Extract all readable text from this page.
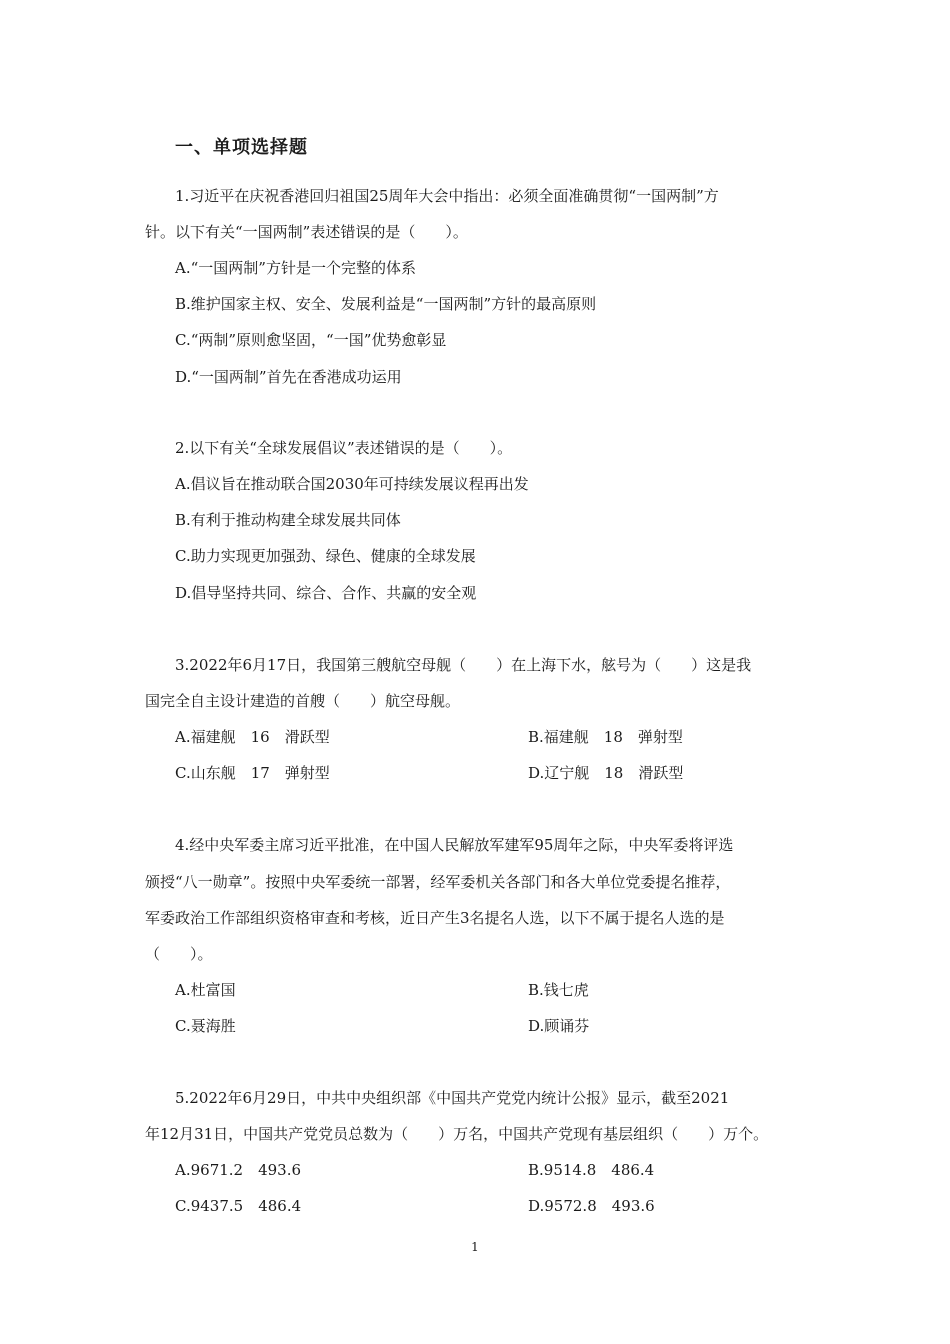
一、单项选择题
1.习近平在庆祝香港回归祖国25周年大会中指出：必须全面准确贯彻“一国两制”方
针。以下有关“一国两制”表述错误的是（　　）。
A.“一国两制”方针是一个完整的体系
B.维护国家主权、安全、发展利益是“一国两制”方针的最高原则
C.“两制”原则愈坚固，“一国”优势愈彰显
D.“一国两制”首先在香港成功运用
2.以下有关“全球发展倡议”表述错误的是（　　）。
A.倡议旨在推动联合国2030年可持续发展议程再出发
B.有利于推动构建全球发展共同体
C.助力实现更加强劲、绿色、健康的全球发展
D.倡导坚持共同、综合、合作、共赢的安全观
3.2022年6月17日，我国第三艘航空母舰（　　）在上海下水，舷号为（　　）这是我
国完全自主设计建造的首艘（　　）航空母舰。
A.福建舰　16　滑跃型	B.福建舰　18　弹射型
C.山东舰　17　弹射型	D.辽宁舰　18　滑跃型
4.经中央军委主席习近平批准，在中国人民解放军建军95周年之际，中央军委将评选
颁授“八一勋章”。按照中央军委统一部署，经军委机关各部门和各大单位党委提名推荐，
军委政治工作部组织资格审查和考核，近日产生3名提名人选，以下不属于提名人选的是
（　　）。
A.杜富国	B.钱七虎
C.聂海胜	D.顾诵芬
5.2022年6月29日，中共中央组织部《中国共产党党内统计公报》显示，截至2021
年12月31日，中国共产党党员总数为（　　）万名，中国共产党现有基层组织（　　）万个。
A.9671.2　493.6	B.9514.8　486.4
C.9437.5　486.4	D.9572.8　493.6
1
